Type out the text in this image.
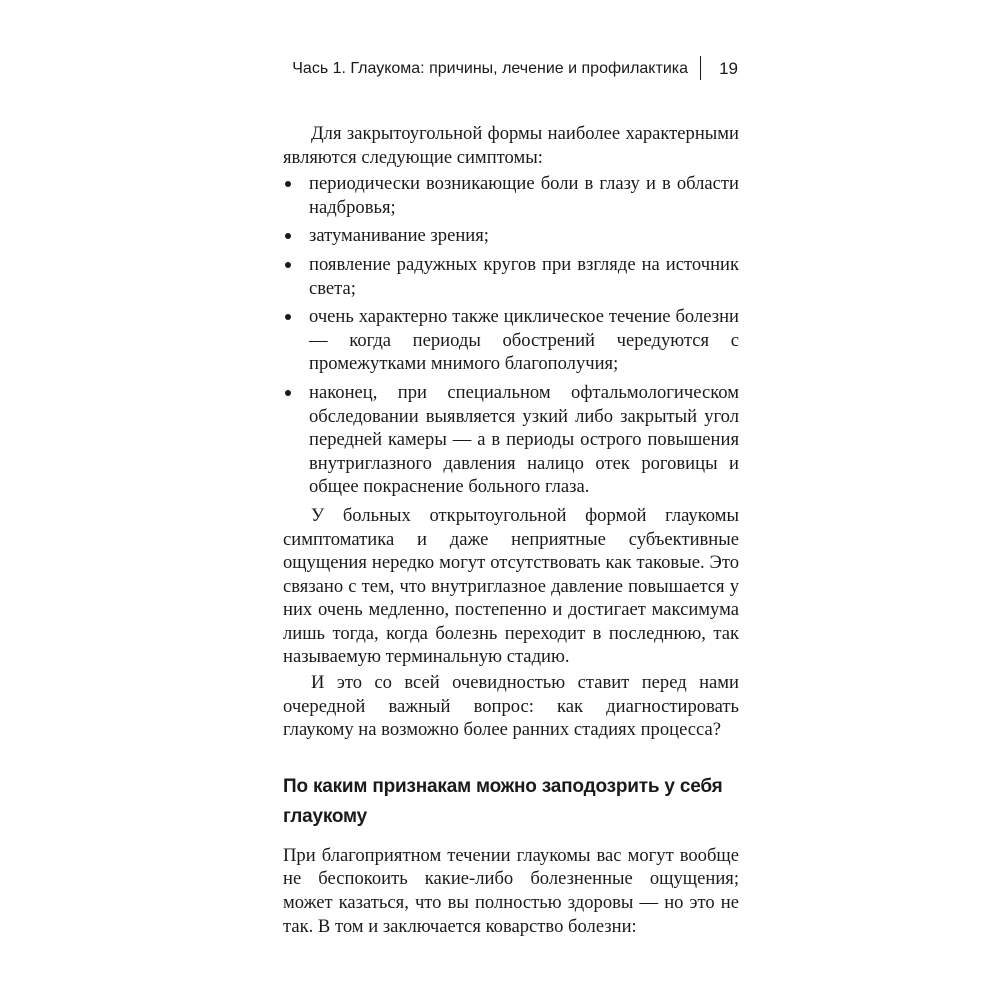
Чась 1. Глаукома: причины, лечение и профилактика 19

Для закрытоугольной формы наиболее характерными являются следующие симптомы:

периодически возникающие боли в глазу и в области надбровья;
затуманивание зрения;
появление радужных кругов при взгляде на источник света;
очень характерно также циклическое течение болезни — когда периоды обострений чередуются с промежутками мнимого благополучия;
наконец, при специальном офтальмологическом обследовании выявляется узкий либо закрытый угол передней камеры — а в периоды острого повышения внутриглазного давления налицо отек роговицы и общее покраснение больного глаза.

У больных открытоугольной формой глаукомы симптоматика и даже неприятные субъективные ощущения нередко могут отсутствовать как таковые. Это связано с тем, что внутриглазное давление повышается у них очень медленно, постепенно и достигает максимума лишь тогда, когда болезнь переходит в последнюю, так называемую терминальную стадию.

И это со всей очевидностью ставит перед нами очередной важный вопрос: как диагностировать глаукому на возможно более ранних стадиях процесса?

По каким признакам можно заподозрить у себя глаукому

При благоприятном течении глаукомы вас могут вообще не беспокоить какие-либо болезненные ощущения; может казаться, что вы полностью здоровы — но это не так. В том и заключается коварство болезни:
